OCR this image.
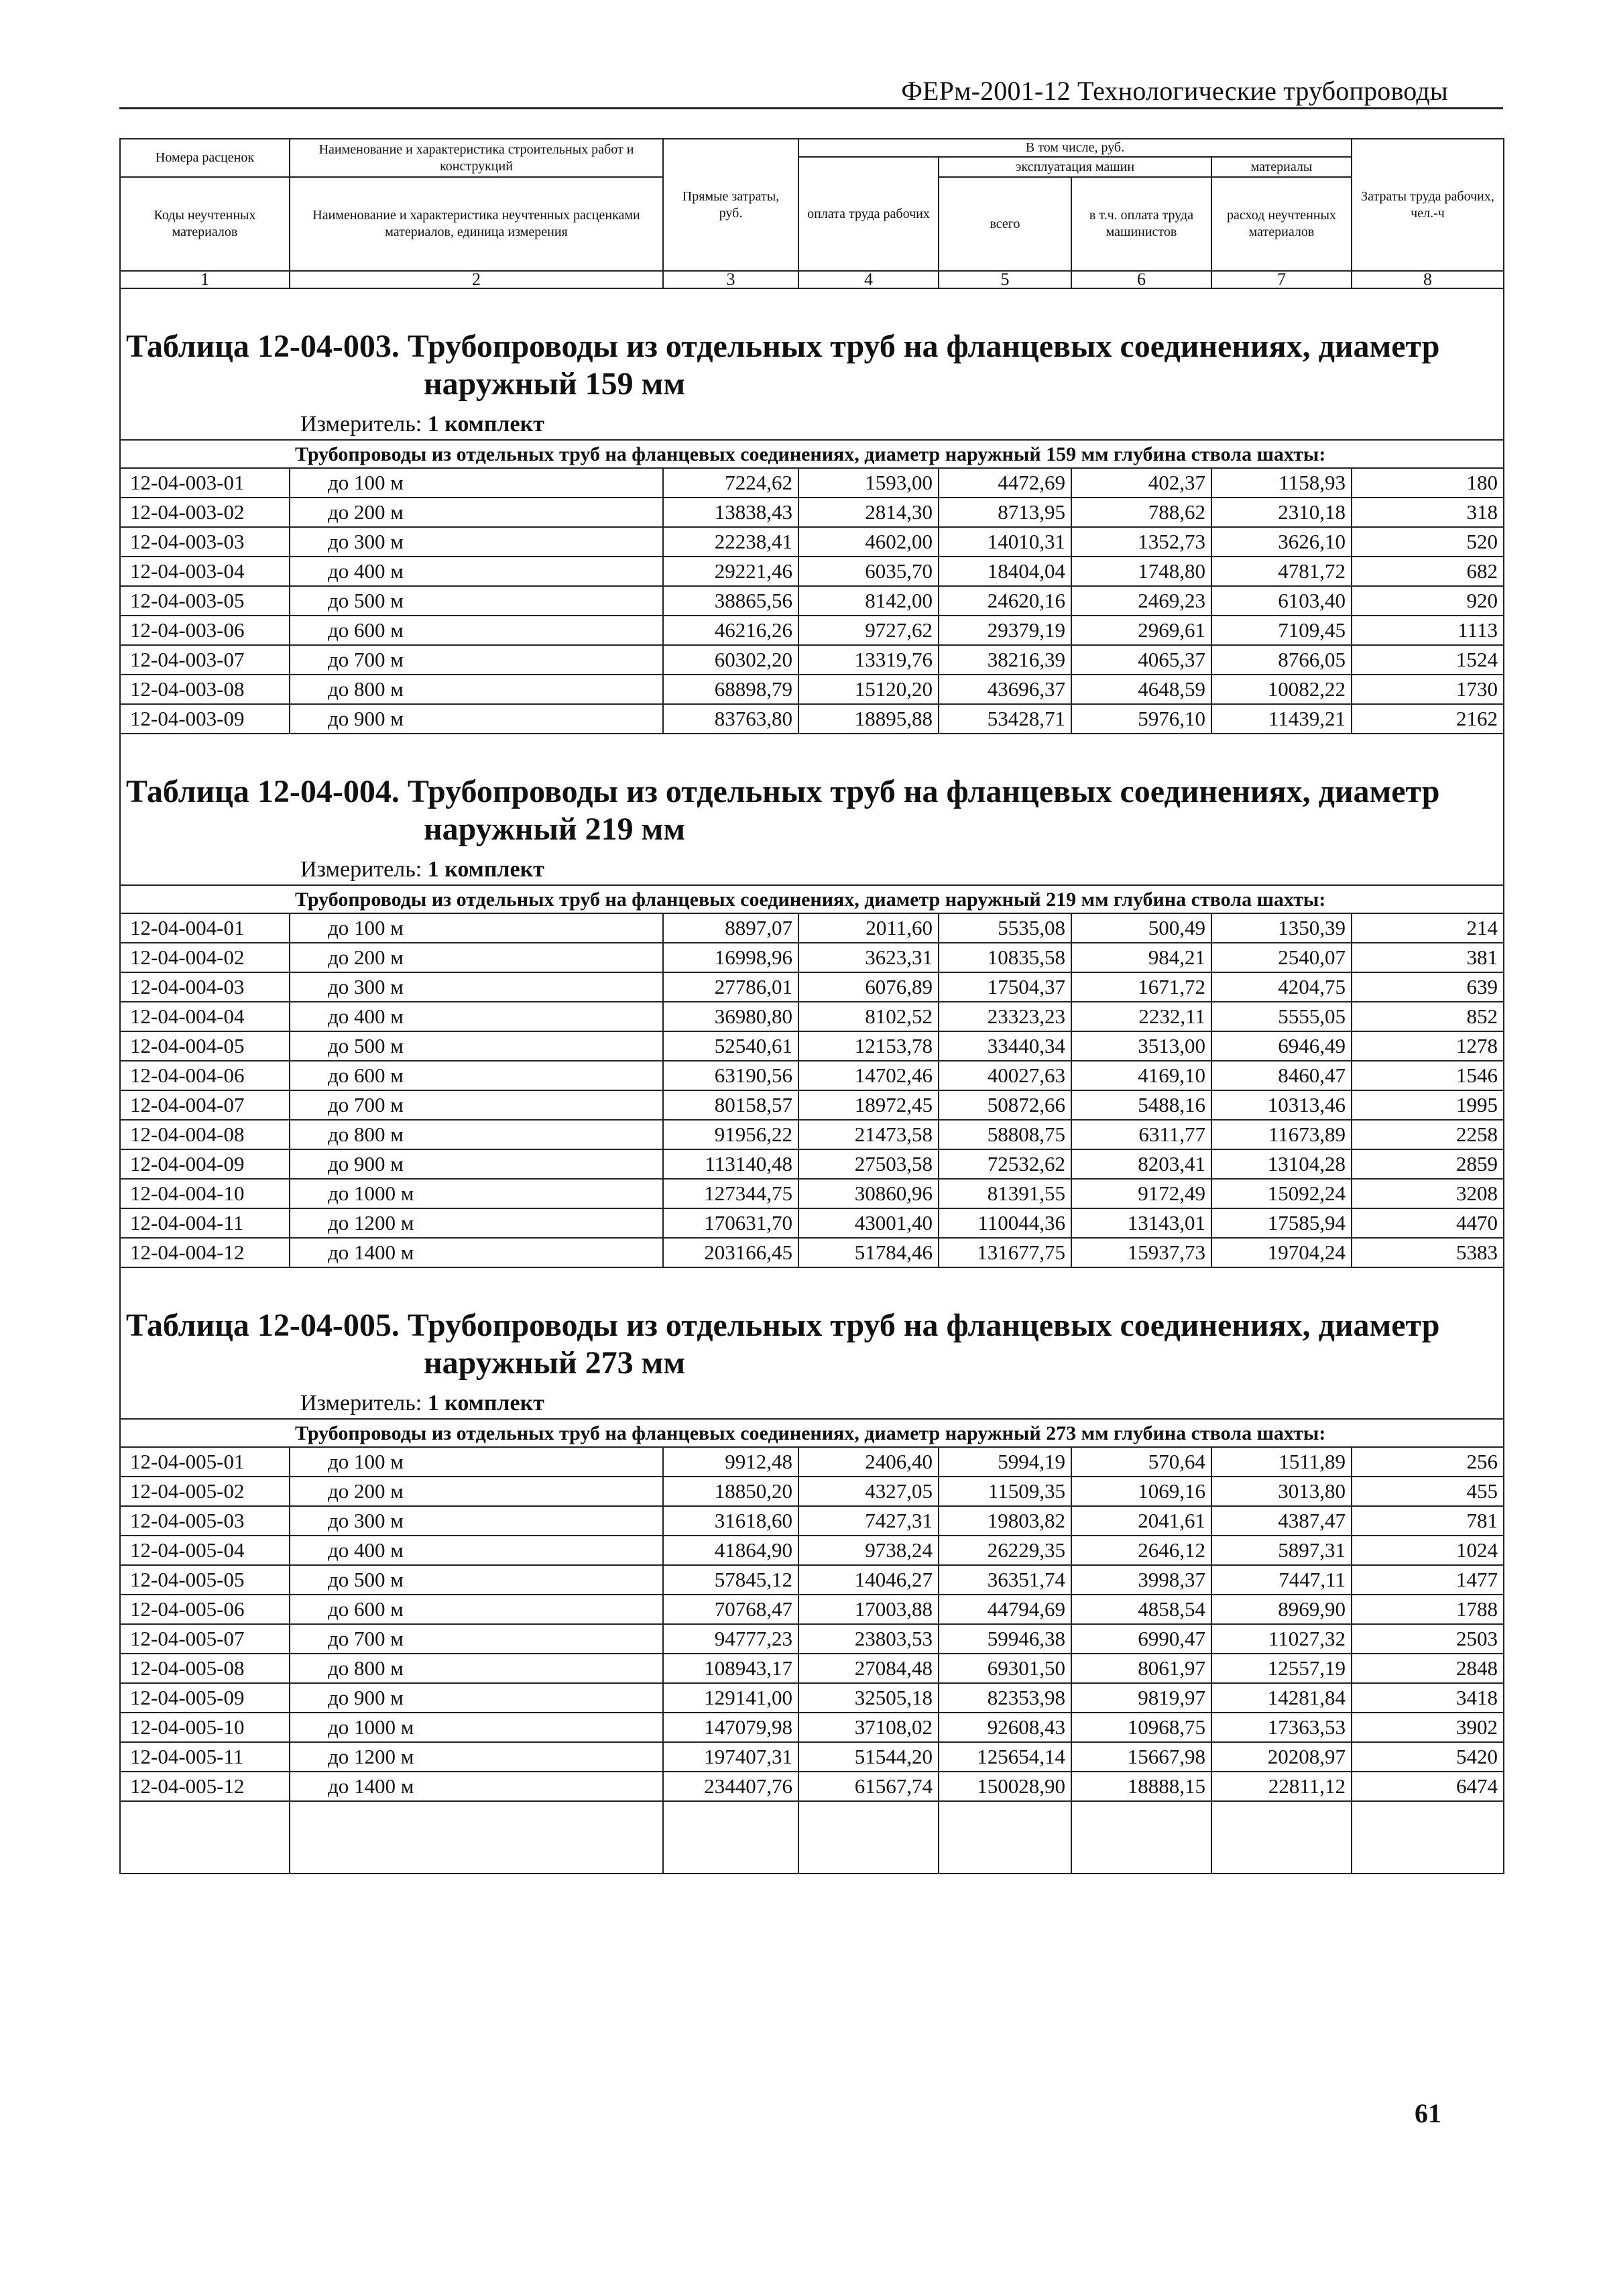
ФЕРм-2001-12 Технологические трубопроводы
Номера расценок	Наименование и характеристика строительных работ и конструкций	Прямые затраты, руб.	В том числе, руб.				Затраты труда рабочих, чел.-ч
			оплата труда рабочих	эксплуатация машин		материалы	
Коды неучтенных материалов	Наименование и характеристика неучтенных расценками материалов, единица измерения			всего	в т.ч. оплата труда машинистов	расход неучтенных материалов	

1	2	3	4	5	6	7	8

Таблица 12-04-003. Трубопроводы из отдельных труб на фланцевых соединениях, диаметр
наружный 159 мм							

Измеритель: 1 комплект							
	Трубопроводы из отдельных труб на фланцевых соединениях, диаметр наружный 159 мм глубина ствола шахты:						
12-04-003-01	до 100 м	7224,62	1593,00	4472,69	402,37	1158,93	180
12-04-003-02	до 200 м	13838,43	2814,30	8713,95	788,62	2310,18	318
12-04-003-03	до 300 м	22238,41	4602,00	14010,31	1352,73	3626,10	520
12-04-003-04	до 400 м	29221,46	6035,70	18404,04	1748,80	4781,72	682
12-04-003-05	до 500 м	38865,56	8142,00	24620,16	2469,23	6103,40	920
12-04-003-06	до 600 м	46216,26	9727,62	29379,19	2969,61	7109,45	1113
12-04-003-07	до 700 м	60302,20	13319,76	38216,39	4065,37	8766,05	1524
12-04-003-08	до 800 м	68898,79	15120,20	43696,37	4648,59	10082,22	1730
12-04-003-09	до 900 м	83763,80	18895,88	53428,71	5976,10	11439,21	2162

Таблица 12-04-004. Трубопроводы из отдельных труб на фланцевых соединениях, диаметр
наружный 219 мм							

Измеритель: 1 комплект							
	Трубопроводы из отдельных труб на фланцевых соединениях, диаметр наружный 219 мм глубина ствола шахты:						
12-04-004-01	до 100 м	8897,07	2011,60	5535,08	500,49	1350,39	214
12-04-004-02	до 200 м	16998,96	3623,31	10835,58	984,21	2540,07	381
12-04-004-03	до 300 м	27786,01	6076,89	17504,37	1671,72	4204,75	639
12-04-004-04	до 400 м	36980,80	8102,52	23323,23	2232,11	5555,05	852
12-04-004-05	до 500 м	52540,61	12153,78	33440,34	3513,00	6946,49	1278
12-04-004-06	до 600 м	63190,56	14702,46	40027,63	4169,10	8460,47	1546
12-04-004-07	до 700 м	80158,57	18972,45	50872,66	5488,16	10313,46	1995
12-04-004-08	до 800 м	91956,22	21473,58	58808,75	6311,77	11673,89	2258
12-04-004-09	до 900 м	113140,48	27503,58	72532,62	8203,41	13104,28	2859
12-04-004-10	до 1000 м	127344,75	30860,96	81391,55	9172,49	15092,24	3208
12-04-004-11	до 1200 м	170631,70	43001,40	110044,36	13143,01	17585,94	4470
12-04-004-12	до 1400 м	203166,45	51784,46	131677,75	15937,73	19704,24	5383

Таблица 12-04-005. Трубопроводы из отдельных труб на фланцевых соединениях, диаметр
наружный 273 мм							

Измеритель: 1 комплект							
	Трубопроводы из отдельных труб на фланцевых соединениях, диаметр наружный 273 мм глубина ствола шахты:						
12-04-005-01	до 100 м	9912,48	2406,40	5994,19	570,64	1511,89	256
12-04-005-02	до 200 м	18850,20	4327,05	11509,35	1069,16	3013,80	455
12-04-005-03	до 300 м	31618,60	7427,31	19803,82	2041,61	4387,47	781
12-04-005-04	до 400 м	41864,90	9738,24	26229,35	2646,12	5897,31	1024
12-04-005-05	до 500 м	57845,12	14046,27	36351,74	3998,37	7447,11	1477
12-04-005-06	до 600 м	70768,47	17003,88	44794,69	4858,54	8969,90	1788
12-04-005-07	до 700 м	94777,23	23803,53	59946,38	6990,47	11027,32	2503
12-04-005-08	до 800 м	108943,17	27084,48	69301,50	8061,97	12557,19	2848
12-04-005-09	до 900 м	129141,00	32505,18	82353,98	9819,97	14281,84	3418
12-04-005-10	до 1000 м	147079,98	37108,02	92608,43	10968,75	17363,53	3902
12-04-005-11	до 1200 м	197407,31	51544,20	125654,14	15667,98	20208,97	5420
12-04-005-12	до 1400 м	234407,76	61567,74	150028,90	18888,15	22811,12	6474

61
